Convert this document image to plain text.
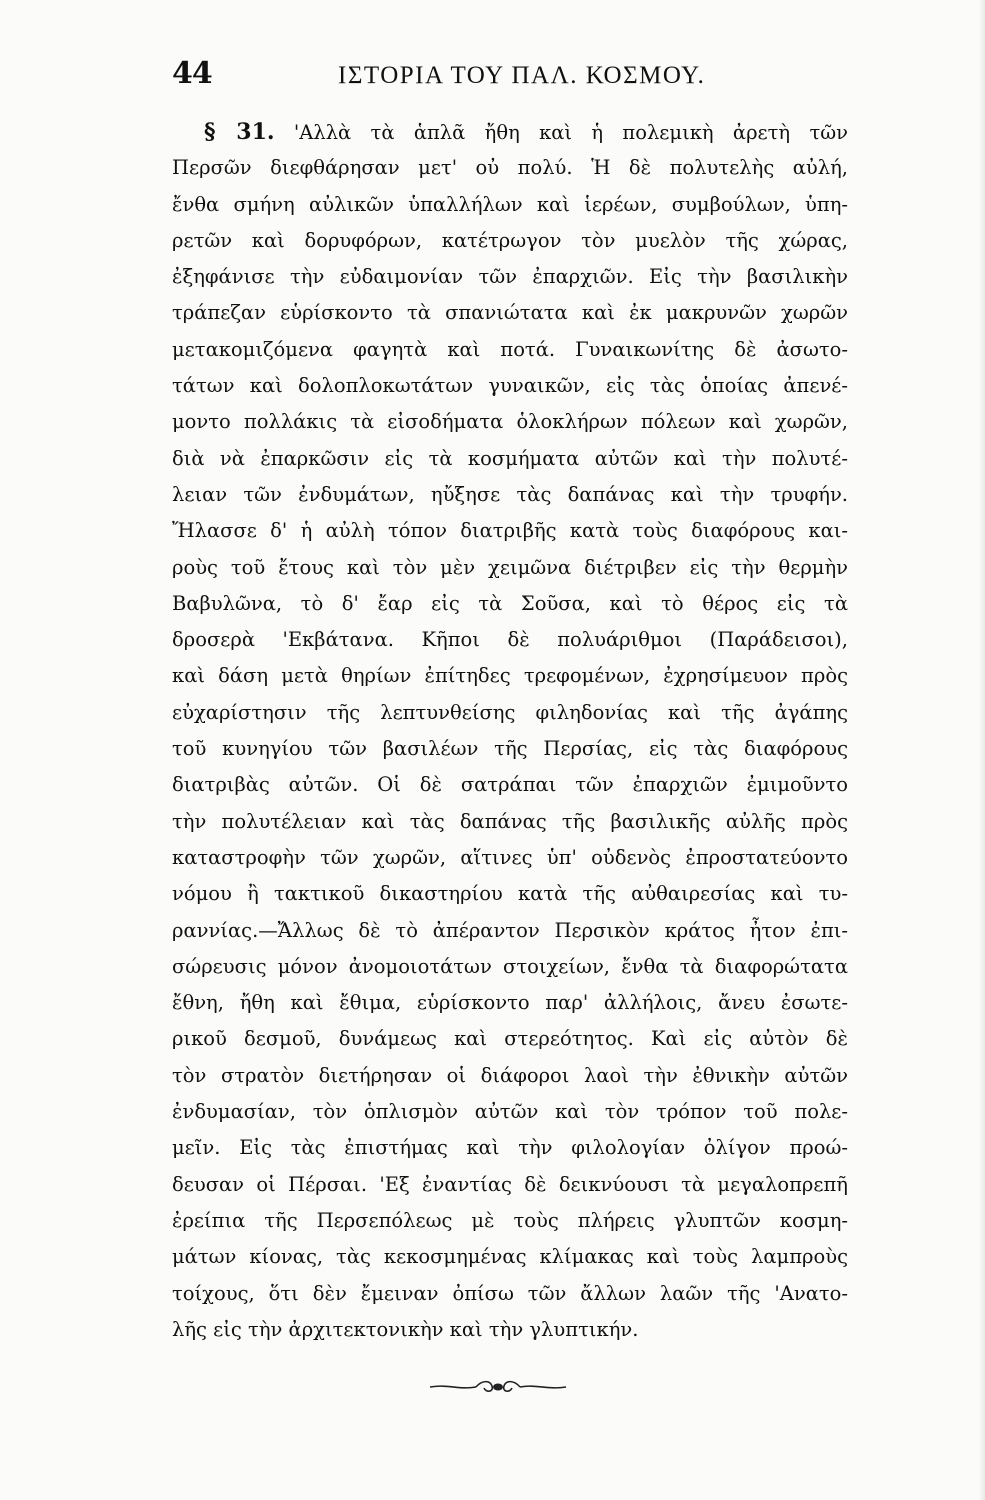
44	ΙΣΤΟΡΙΑ ΤΟΥ ΠΑΛ. ΚΟΣΜΟΥ.
§ 31. 'Αλλὰ τὰ ἁπλᾶ ἤθη καὶ ἡ πολεμικὴ ἀρετὴ τῶν
Περσῶν διεφθάρησαν μετ' οὐ πολύ. Ἡ δὲ πολυτελὴς αὐλή,
ἔνθα σμήνη αὐλικῶν ὑπαλλήλων καὶ ἱερέων, συμβούλων, ὑπη-
ρετῶν καὶ δορυφόρων, κατέτρωγον τὸν μυελὸν τῆς χώρας,
ἐξηφάνισε τὴν εὐδαιμονίαν τῶν ἐπαρχιῶν. Εἰς τὴν βασιλικὴν
τράπεζαν εὑρίσκοντο τὰ σπανιώτατα καὶ ἐκ μακρυνῶν χωρῶν
μετακομιζόμενα φαγητὰ καὶ ποτά. Γυναικωνίτης δὲ ἀσωτο-
τάτων καὶ δολοπλοκωτάτων γυναικῶν, εἰς τὰς ὁποίας ἀπενέ-
μοντο πολλάκις τὰ εἰσοδήματα ὁλοκλήρων πόλεων καὶ χωρῶν,
διὰ νὰ ἐπαρκῶσιν εἰς τὰ κοσμήματα αὐτῶν καὶ τὴν πολυτέ-
λειαν τῶν ἐνδυμάτων, ηὔξησε τὰς δαπάνας καὶ τὴν τρυφήν.
Ἤλασσε δ' ἡ αὐλὴ τόπον διατριβῆς κατὰ τοὺς διαφόρους και-
ροὺς τοῦ ἔτους καὶ τὸν μὲν χειμῶνα διέτριβεν εἰς τὴν θερμὴν
Βαβυλῶνα, τὸ δ' ἔαρ εἰς τὰ Σοῦσα, καὶ τὸ θέρος εἰς τὰ
δροσερὰ 'Εκβάτανα. Κῆποι δὲ πολυάριθμοι (Παράδεισοι),
καὶ δάση μετὰ θηρίων ἐπίτηδες τρεφομένων, ἐχρησίμευον πρὸς
εὐχαρίστησιν τῆς λεπτυνθείσης φιληδονίας καὶ τῆς ἀγάπης
τοῦ κυνηγίου τῶν βασιλέων τῆς Περσίας, εἰς τὰς διαφόρους
διατριβὰς αὐτῶν. Οἱ δὲ σατράπαι τῶν ἐπαρχιῶν ἐμιμοῦντο
τὴν πολυτέλειαν καὶ τὰς δαπάνας τῆς βασιλικῆς αὐλῆς πρὸς
καταστροφὴν τῶν χωρῶν, αἵτινες ὑπ' οὐδενὸς ἐπροστατεύοντο
νόμου ἢ τακτικοῦ δικαστηρίου κατὰ τῆς αὐθαιρεσίας καὶ τυ-
ραννίας.—Ἄλλως δὲ τὸ ἀπέραντον Περσικὸν κράτος ἦτον ἐπι-
σώρευσις μόνον ἀνομοιοτάτων στοιχείων, ἔνθα τὰ διαφορώτατα
ἔθνη, ἤθη καὶ ἔθιμα, εὑρίσκοντο παρ' ἀλλήλοις, ἄνευ ἐσωτε-
ρικοῦ δεσμοῦ, δυνάμεως καὶ στερεότητος. Καὶ εἰς αὐτὸν δὲ
τὸν στρατὸν διετήρησαν οἱ διάφοροι λαοὶ τὴν ἐθνικὴν αὐτῶν
ἐνδυμασίαν, τὸν ὁπλισμὸν αὐτῶν καὶ τὸν τρόπον τοῦ πολε-
μεῖν. Εἰς τὰς ἐπιστήμας καὶ τὴν φιλολογίαν ὀλίγον προώ-
δευσαν οἱ Πέρσαι. 'Εξ ἐναντίας δὲ δεικνύουσι τὰ μεγαλοπρεπῆ
ἐρείπια τῆς Περσεπόλεως μὲ τοὺς πλήρεις γλυπτῶν κοσμη-
μάτων κίονας, τὰς κεκοσμημένας κλίμακας καὶ τοὺς λαμπροὺς
τοίχους, ὅτι δὲν ἔμειναν ὀπίσω τῶν ἄλλων λαῶν τῆς 'Ανατο-
λῆς εἰς τὴν ἀρχιτεκτονικὴν καὶ τὴν γλυπτικήν.
